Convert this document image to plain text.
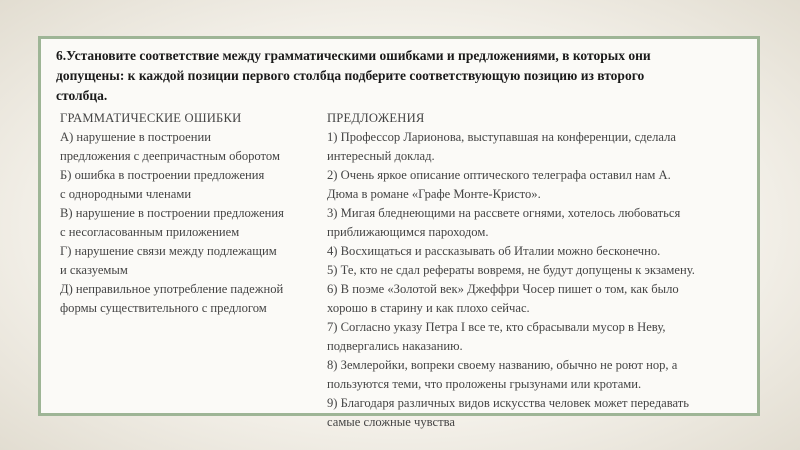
6.Установите соответствие между грамматическими ошибками и предложениями, в которых они
допущены: к каждой позиции первого столбца подберите соответствующую позицию из второго
столбца.
ГРАММАТИЧЕСКИЕ ОШИБКИ
А) нарушение в построении
предложения с деепричастным оборотом
Б) ошибка в построении предложения
с однородными членами
В) нарушение в построении предложения
с несогласованным приложением
Г) нарушение связи между подлежащим
и сказуемым
Д) неправильное употребление падежной
формы существительного с предлогом
ПРЕДЛОЖЕНИЯ
1) Профессор Ларионова, выступавшая на конференции, сделала
интересный доклад.
2) Очень яркое описание оптического телеграфа оставил нам А.
Дюма в романе «Графе Монте-Кристо».
3) Мигая бледнеющими на рассвете огнями, хотелось любоваться
приближающимся пароходом.
4) Восхищаться и рассказывать об Италии можно бесконечно.
5) Те, кто не сдал рефераты вовремя, не будут допущены к экзамену.
6) В поэме «Золотой век» Джеффри Чосер пишет о том, как было
хорошо в старину и как плохо сейчас.
7) Согласно указу Петра I все те, кто сбрасывали мусор в Неву,
подвергались наказанию.
8) Землеройки, вопреки своему названию, обычно не роют нор, а
пользуются теми, что проложены грызунами или кротами.
9) Благодаря различных видов искусства человек может передавать
самые сложные чувства
